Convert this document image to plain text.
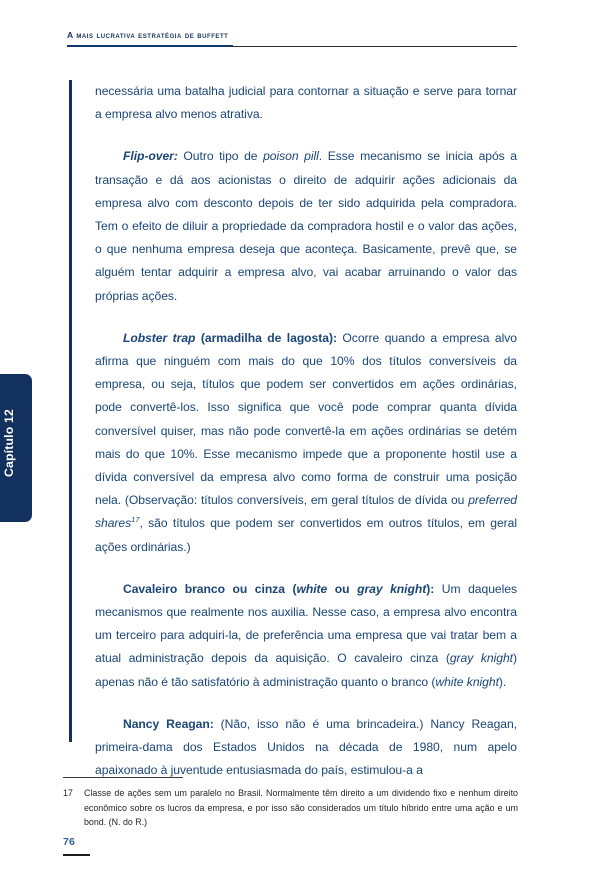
A mais lucrativa estratégia de buffett
Capítulo 12

necessária uma batalha judicial para contornar a situação e serve para tornar a empresa alvo menos atrativa.

Flip-over: Outro tipo de poison pill. Esse mecanismo se inicia após a transação e dá aos acionistas o direito de adquirir ações adicionais da empresa alvo com desconto depois de ter sido adquirida pela compradora. Tem o efeito de diluir a propriedade da compradora hostil e o valor das ações, o que nenhuma empresa deseja que aconteça. Basicamente, prevê que, se alguém tentar adquirir a empresa alvo, vai acabar arruinando o valor das próprias ações.

Lobster trap (armadilha de lagosta): Ocorre quando a empresa alvo afirma que ninguém com mais do que 10% dos títulos conversíveis da empresa, ou seja, títulos que podem ser convertidos em ações ordinárias, pode convertê-los. Isso significa que você pode comprar quanta dívida conversível quiser, mas não pode convertê-la em ações ordinárias se detém mais do que 10%. Esse mecanismo impede que a proponente hostil use a dívida conversível da empresa alvo como forma de construir uma posição nela. (Observação: títulos conversíveis, em geral títulos de dívida ou preferred shares$^{17}$, são títulos que podem ser convertidos em outros títulos, em geral ações ordinárias.)

Cavaleiro branco ou cinza (white ou gray knight): Um daqueles mecanismos que realmente nos auxilia. Nesse caso, a empresa alvo encontra um terceiro para adquiri-la, de preferência uma empresa que vai tratar bem a atual administração depois da aquisição. O cavaleiro cinza (gray knight) apenas não é tão satisfatório à administração quanto o branco (white knight).

Nancy Reagan: (Não, isso não é uma brincadeira.) Nancy Reagan, primeira-dama dos Estados Unidos na década de 1980, num apelo apaixonado à juventude entusiasmada do país, estimulou-a a

17 Classe de ações sem um paralelo no Brasil. Normalmente têm direito a um dividendo fixo e nenhum direito econômico sobre os lucros da empresa, e por isso são considerados um título híbrido entre uma ação e um bond. (N. do R.)
76
